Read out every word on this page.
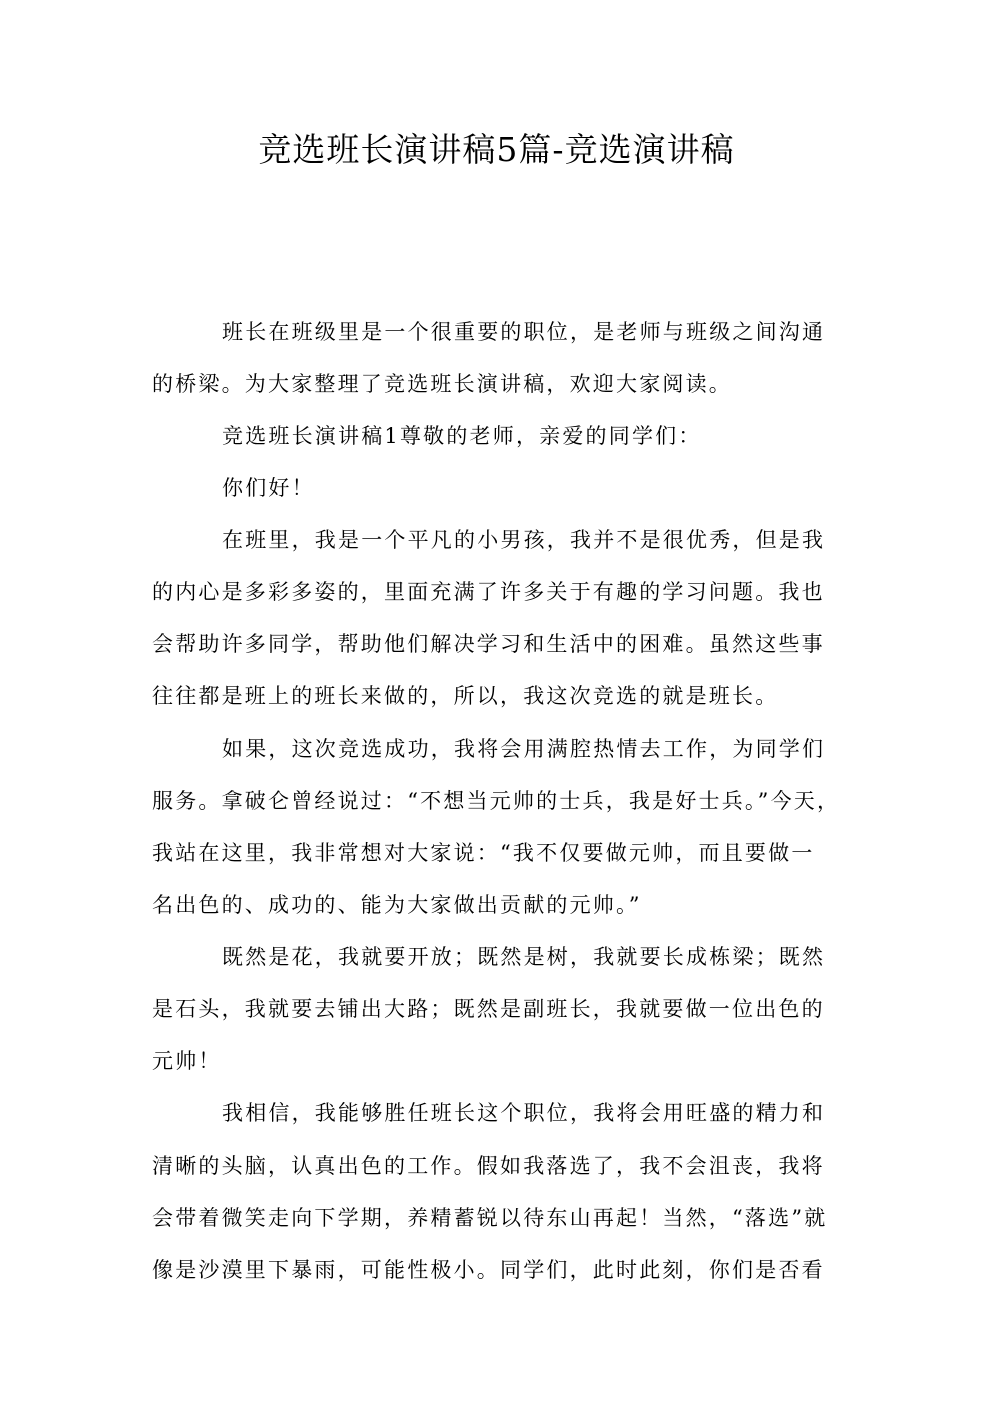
竞选班长演讲稿5篇-竞选演讲稿
班长在班级里是一个很重要的职位，是老师与班级之间沟通
的桥梁。为大家整理了竞选班长演讲稿，欢迎大家阅读。
竞选班长演讲稿1尊敬的老师，亲爱的同学们：
你们好！
在班里，我是一个平凡的小男孩，我并不是很优秀，但是我
的内心是多彩多姿的，里面充满了许多关于有趣的学习问题。我也
会帮助许多同学，帮助他们解决学习和生活中的困难。虽然这些事
往往都是班上的班长来做的，所以，我这次竞选的就是班长。
如果，这次竞选成功，我将会用满腔热情去工作，为同学们
服务。拿破仑曾经说过：“不想当元帅的士兵，我是好士兵。”今天，
我站在这里，我非常想对大家说：“我不仅要做元帅，而且要做一
名出色的、成功的、能为大家做出贡献的元帅。”
既然是花，我就要开放；既然是树，我就要长成栋梁；既然
是石头，我就要去铺出大路；既然是副班长，我就要做一位出色的
元帅！
我相信，我能够胜任班长这个职位，我将会用旺盛的精力和
清晰的头脑，认真出色的工作。假如我落选了，我不会沮丧，我将
会带着微笑走向下学期，养精蓄锐以待东山再起！当然，“落选”就
像是沙漠里下暴雨，可能性极小。同学们，此时此刻，你们是否看
